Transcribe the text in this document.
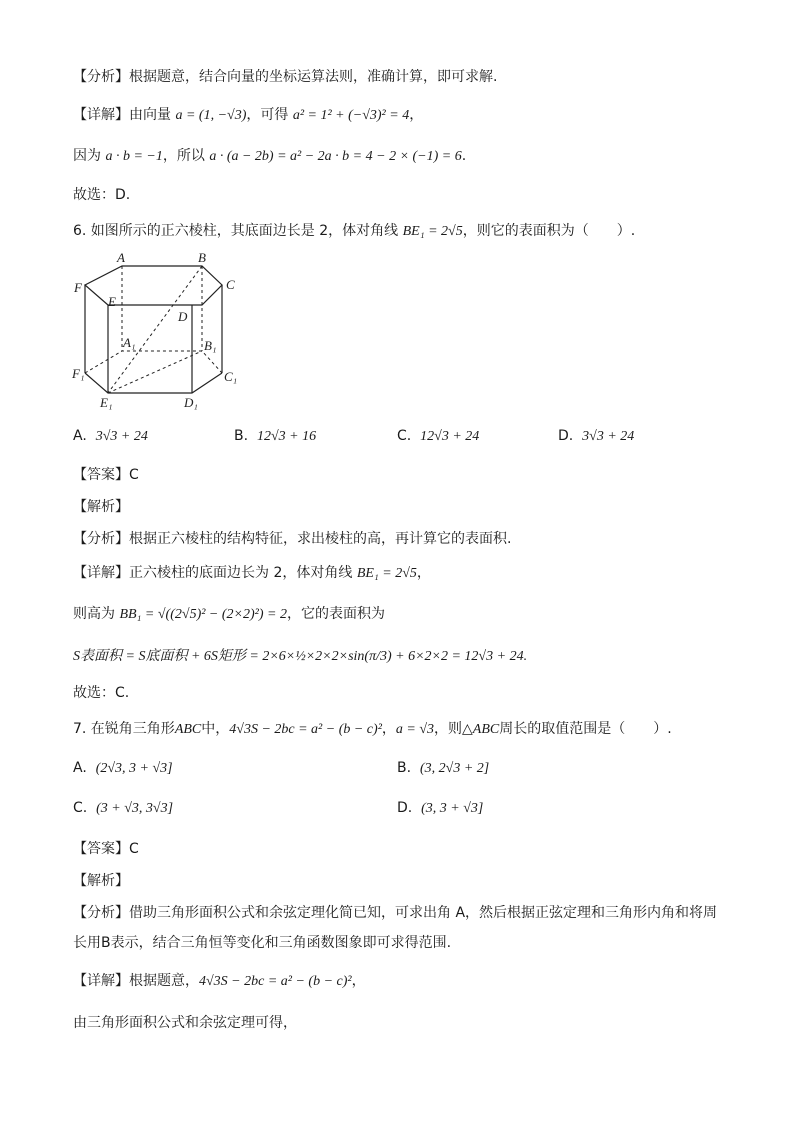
【分析】根据题意，结合向量的坐标运算法则，准确计算，即可求解.
【详解】由向量 a = (1, −√3)，可得 a² = 1² + (−√3)² = 4，
因为 a · b = −1，所以 a · (a − 2b) = a² − 2a · b = 4 − 2 × (−1) = 6.
故选：D.
6. 如图所示的正六棱柱，其底面边长是 2，体对角线 BE₁ = 2√5，则它的表面积为（　　）.
A	B
C
D
E
F
A₁	B₁
C₁
D₁
E₁
F₁
A. 3√3 + 24	B. 12√3 + 16	C. 12√3 + 24	D. 3√3 + 24
【答案】C
【解析】
【分析】根据正六棱柱的结构特征，求出棱柱的高，再计算它的表面积.
【详解】正六棱柱的底面边长为 2，体对角线 BE₁ = 2√5，
则高为 BB₁ = √((2√5)² − (2×2)²) = 2，它的表面积为
S表面积 = S底面积 + 6S矩形 = 2×6×½×2×2×sin(π/3) + 6×2×2 = 12√3 + 24.
故选：C.
7. 在锐角三角形ABC中，4√3S − 2bc = a² − (b − c)²，a = √3，则△ABC周长的取值范围是（　　）.
A. (2√3, 3 + √3]	B. (3, 2√3 + 2]
C. (3 + √3, 3√3]	D. (3, 3 + √3]
【答案】C
【解析】
【分析】借助三角形面积公式和余弦定理化简已知，可求出角 A，然后根据正弦定理和三角形内角和将周
长用B表示，结合三角恒等变化和三角函数图象即可求得范围.
【详解】根据题意，4√3S − 2bc = a² − (b − c)²，
由三角形面积公式和余弦定理可得，
